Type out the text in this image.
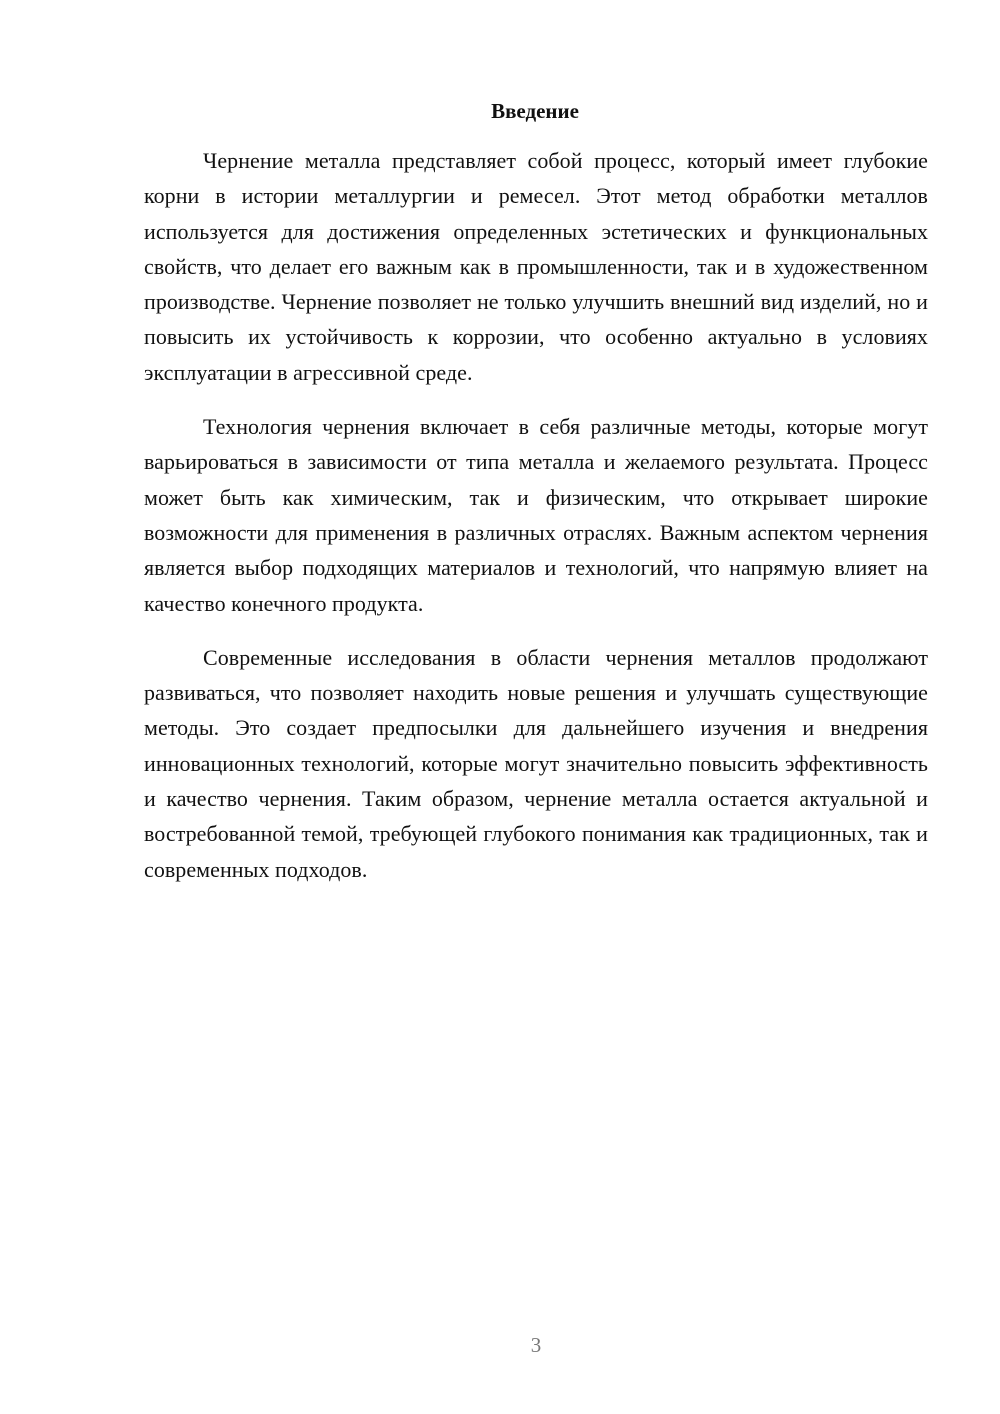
Введение

Чернение металла представляет собой процесс, который имеет глубокие корни в истории металлургии и ремесел. Этот метод обработки металлов используется для достижения определенных эстетических и функциональных свойств, что делает его важным как в промышленности, так и в художественном производстве. Чернение позволяет не только улучшить внешний вид изделий, но и повысить их устойчивость к коррозии, что особенно актуально в условиях эксплуатации в агрессивной среде.

Технология чернения включает в себя различные методы, которые могут варьироваться в зависимости от типа металла и желаемого результата. Процесс может быть как химическим, так и физическим, что открывает широкие возможности для применения в различных отраслях. Важным аспектом чернения является выбор подходящих материалов и технологий, что напрямую влияет на качество конечного продукта.

Современные исследования в области чернения металлов продолжают развиваться, что позволяет находить новые решения и улучшать существующие методы. Это создает предпосылки для дальнейшего изучения и внедрения инновационных технологий, которые могут значительно повысить эффективность и качество чернения. Таким образом, чернение металла остается актуальной и востребованной темой, требующей глубокого понимания как традиционных, так и современных подходов.

3
